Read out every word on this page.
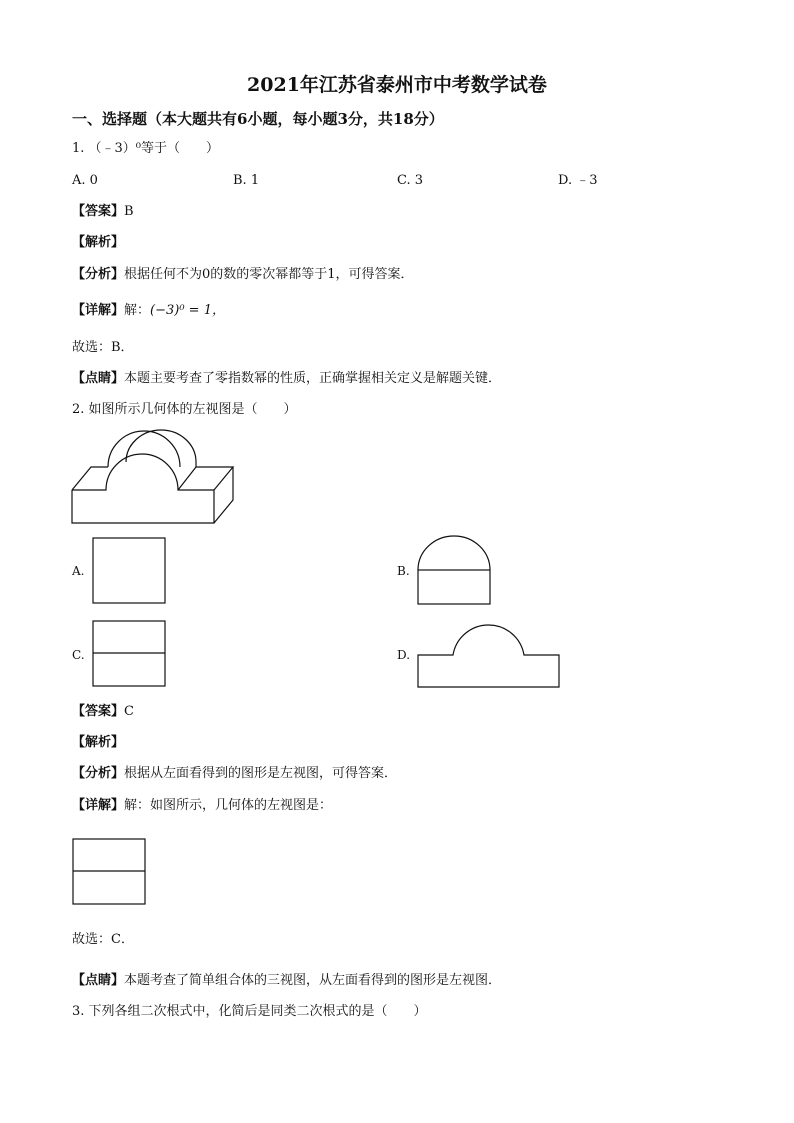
2021年江苏省泰州市中考数学试卷
一、选择题（本大题共有6小题，每小题3分，共18分）
1. （﹣3）⁰等于（　　）
A. 0	B. 1	C. 3	D. ﹣3
【答案】B
【解析】
【分析】根据任何不为0的数的零次幂都等于1，可得答案．
【详解】解：(−3)⁰ = 1，
故选：B．
【点睛】本题主要考查了零指数幂的性质，正确掌握相关定义是解题关键．
2. 如图所示几何体的左视图是（　　）
A.	B.
C.	D.
【答案】C
【解析】
【分析】根据从左面看得到的图形是左视图，可得答案．
【详解】解：如图所示，几何体的左视图是：
故选：C．
【点睛】本题考查了简单组合体的三视图，从左面看得到的图形是左视图．
3. 下列各组二次根式中，化简后是同类二次根式的是（　　）
